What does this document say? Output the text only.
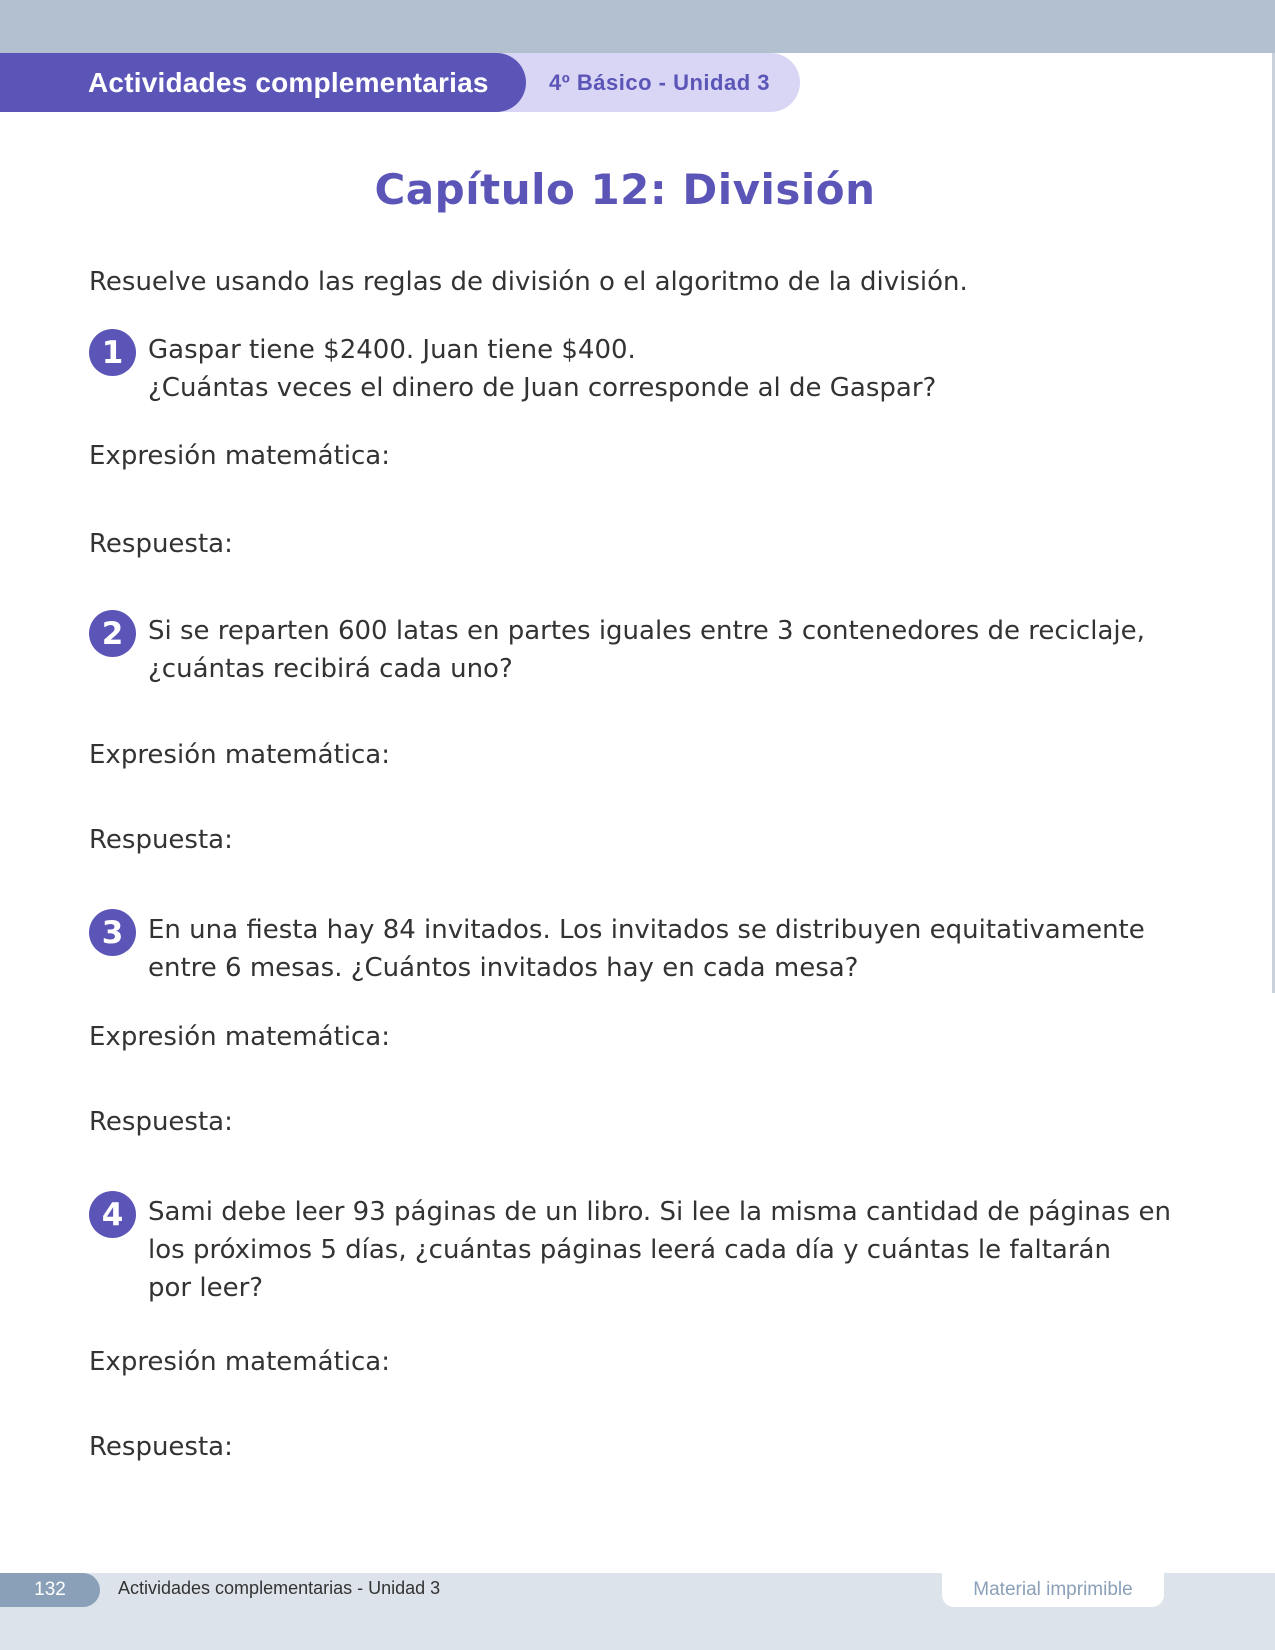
Actividades complementarias	4º Básico - Unidad 3
Capítulo 12: División
Resuelve usando las reglas de división o el algoritmo de la división.
1 Gaspar tiene $2400. Juan tiene $400.
¿Cuántas veces el dinero de Juan corresponde al de Gaspar?
Expresión matemática:
Respuesta:
2 Si se reparten 600 latas en partes iguales entre 3 contenedores de reciclaje,
¿cuántas recibirá cada uno?
Expresión matemática:
Respuesta:
3 En una fiesta hay 84 invitados. Los invitados se distribuyen equitativamente
entre 6 mesas. ¿Cuántos invitados hay en cada mesa?
Expresión matemática:
Respuesta:
4 Sami debe leer 93 páginas de un libro. Si lee la misma cantidad de páginas en
los próximos 5 días, ¿cuántas páginas leerá cada día y cuántas le faltarán
por leer?
Expresión matemática:
Respuesta:
132	Actividades complementarias - Unidad 3	Material imprimible
